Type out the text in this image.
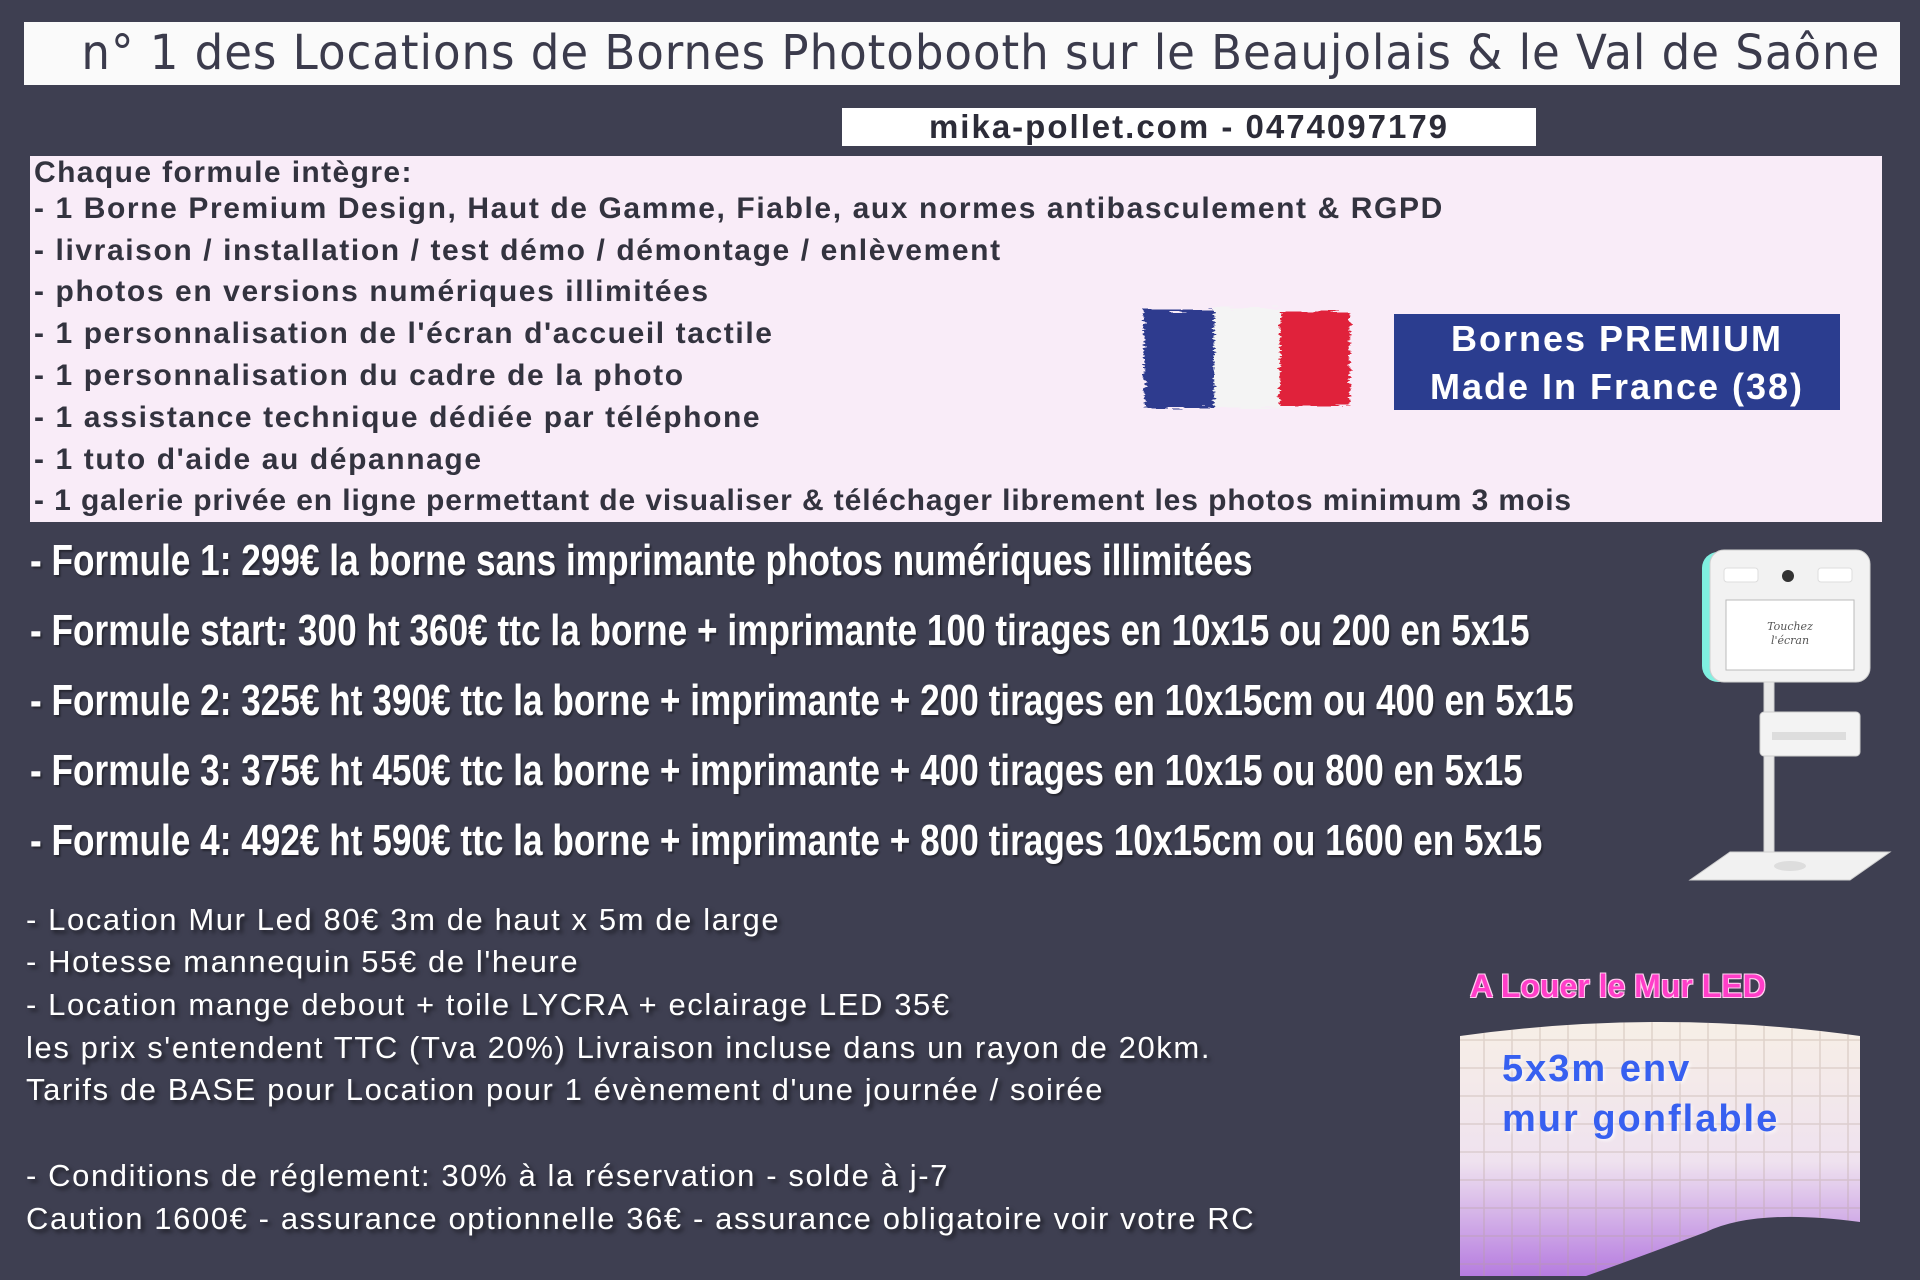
n° 1 des Locations de Bornes Photobooth sur le Beaujolais & le Val de Saône
mika-pollet.com - 0474097179
Chaque formule intègre:
- 1 Borne Premium Design, Haut de Gamme, Fiable, aux normes antibasculement & RGPD
- livraison / installation / test démo / démontage / enlèvement
- photos en versions numériques illimitées
- 1 personnalisation de l'écran d'accueil tactile
- 1 personnalisation du cadre de la photo
- 1 assistance technique dédiée par téléphone
- 1 tuto d'aide au dépannage
- 1 galerie privée en ligne permettant de visualiser & téléchager librement les photos minimum 3 mois
Bornes PREMIUM
Made In France (38)
- Formule 1: 299€ la borne sans imprimante photos numériques illimitées
- Formule start: 300 ht 360€ ttc la borne + imprimante 100 tirages en 10x15 ou 200 en 5x15
- Formule 2: 325€ ht 390€ ttc la borne + imprimante + 200 tirages en 10x15cm ou 400 en 5x15
- Formule 3: 375€ ht 450€ ttc la borne + imprimante + 400 tirages en 10x15 ou 800 en 5x15
- Formule 4: 492€ ht 590€ ttc la borne + imprimante + 800 tirages 10x15cm ou 1600 en 5x15
Touchez
l'écran
- Location Mur Led 80€ 3m de haut x 5m de large
- Hotesse mannequin 55€ de l'heure
- Location mange debout + toile LYCRA + eclairage LED 35€
les prix s'entendent TTC (Tva 20%) Livraison incluse dans un rayon de 20km.
Tarifs de BASE pour Location pour 1 évènement d'une journée / soirée
- Conditions de réglement: 30% à la réservation - solde à j-7
Caution 1600€ - assurance optionnelle 36€ - assurance obligatoire voir votre RC
A Louer le Mur LED
5x3m env
mur gonflable
